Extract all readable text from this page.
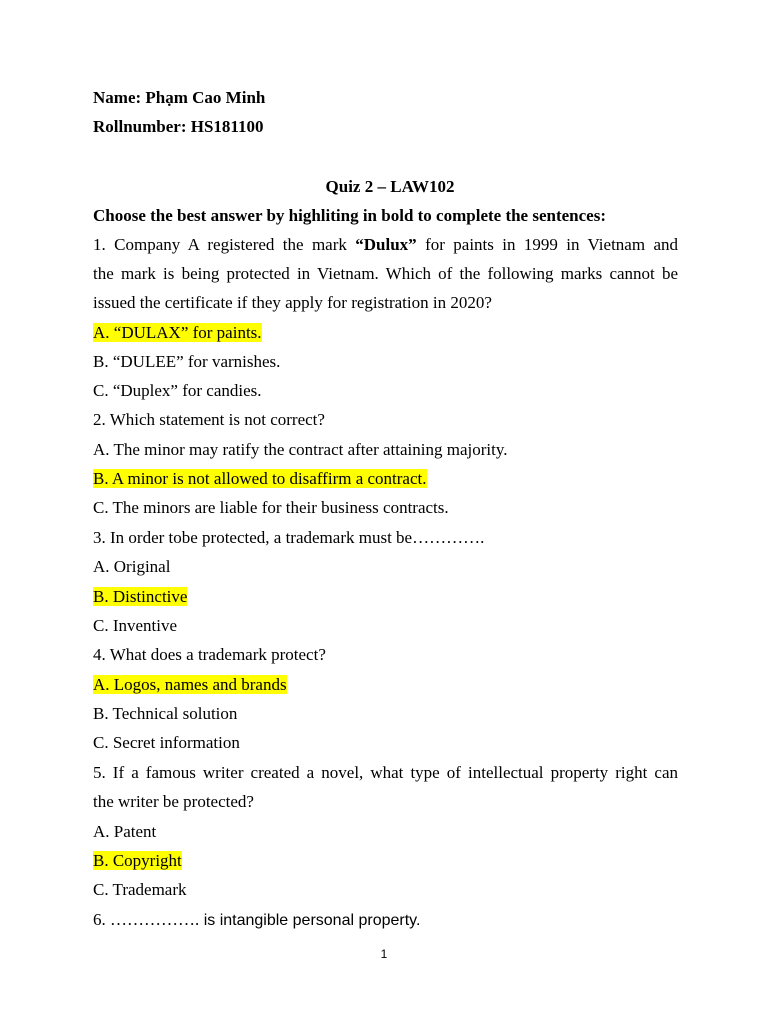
Name: Phạm Cao Minh
Rollnumber: HS181100
Quiz 2 – LAW102
Choose the best answer by highliting in bold to complete the sentences:
1. Company A registered the mark “Dulux” for paints in 1999 in Vietnam and
the mark is being protected in Vietnam. Which of the following marks cannot be
issued the certificate if they apply for registration in 2020?
A. “DULAX” for paints.
B. “DULEE” for varnishes.
C. “Duplex” for candies.
2. Which statement is not correct?
A. The minor may ratify the contract after attaining majority.
B. A minor is not allowed to disaffirm a contract.
C. The minors are liable for their business contracts.
3. In order tobe protected, a trademark must be………….
A. Original
B. Distinctive
C. Inventive
4. What does a trademark protect?
A. Logos, names and brands
B. Technical solution
C. Secret information
5. If a famous writer created a novel, what type of intellectual property right can
the writer be protected?
A. Patent
B. Copyright
C. Trademark
6. ……………. is intangible personal property.
1
